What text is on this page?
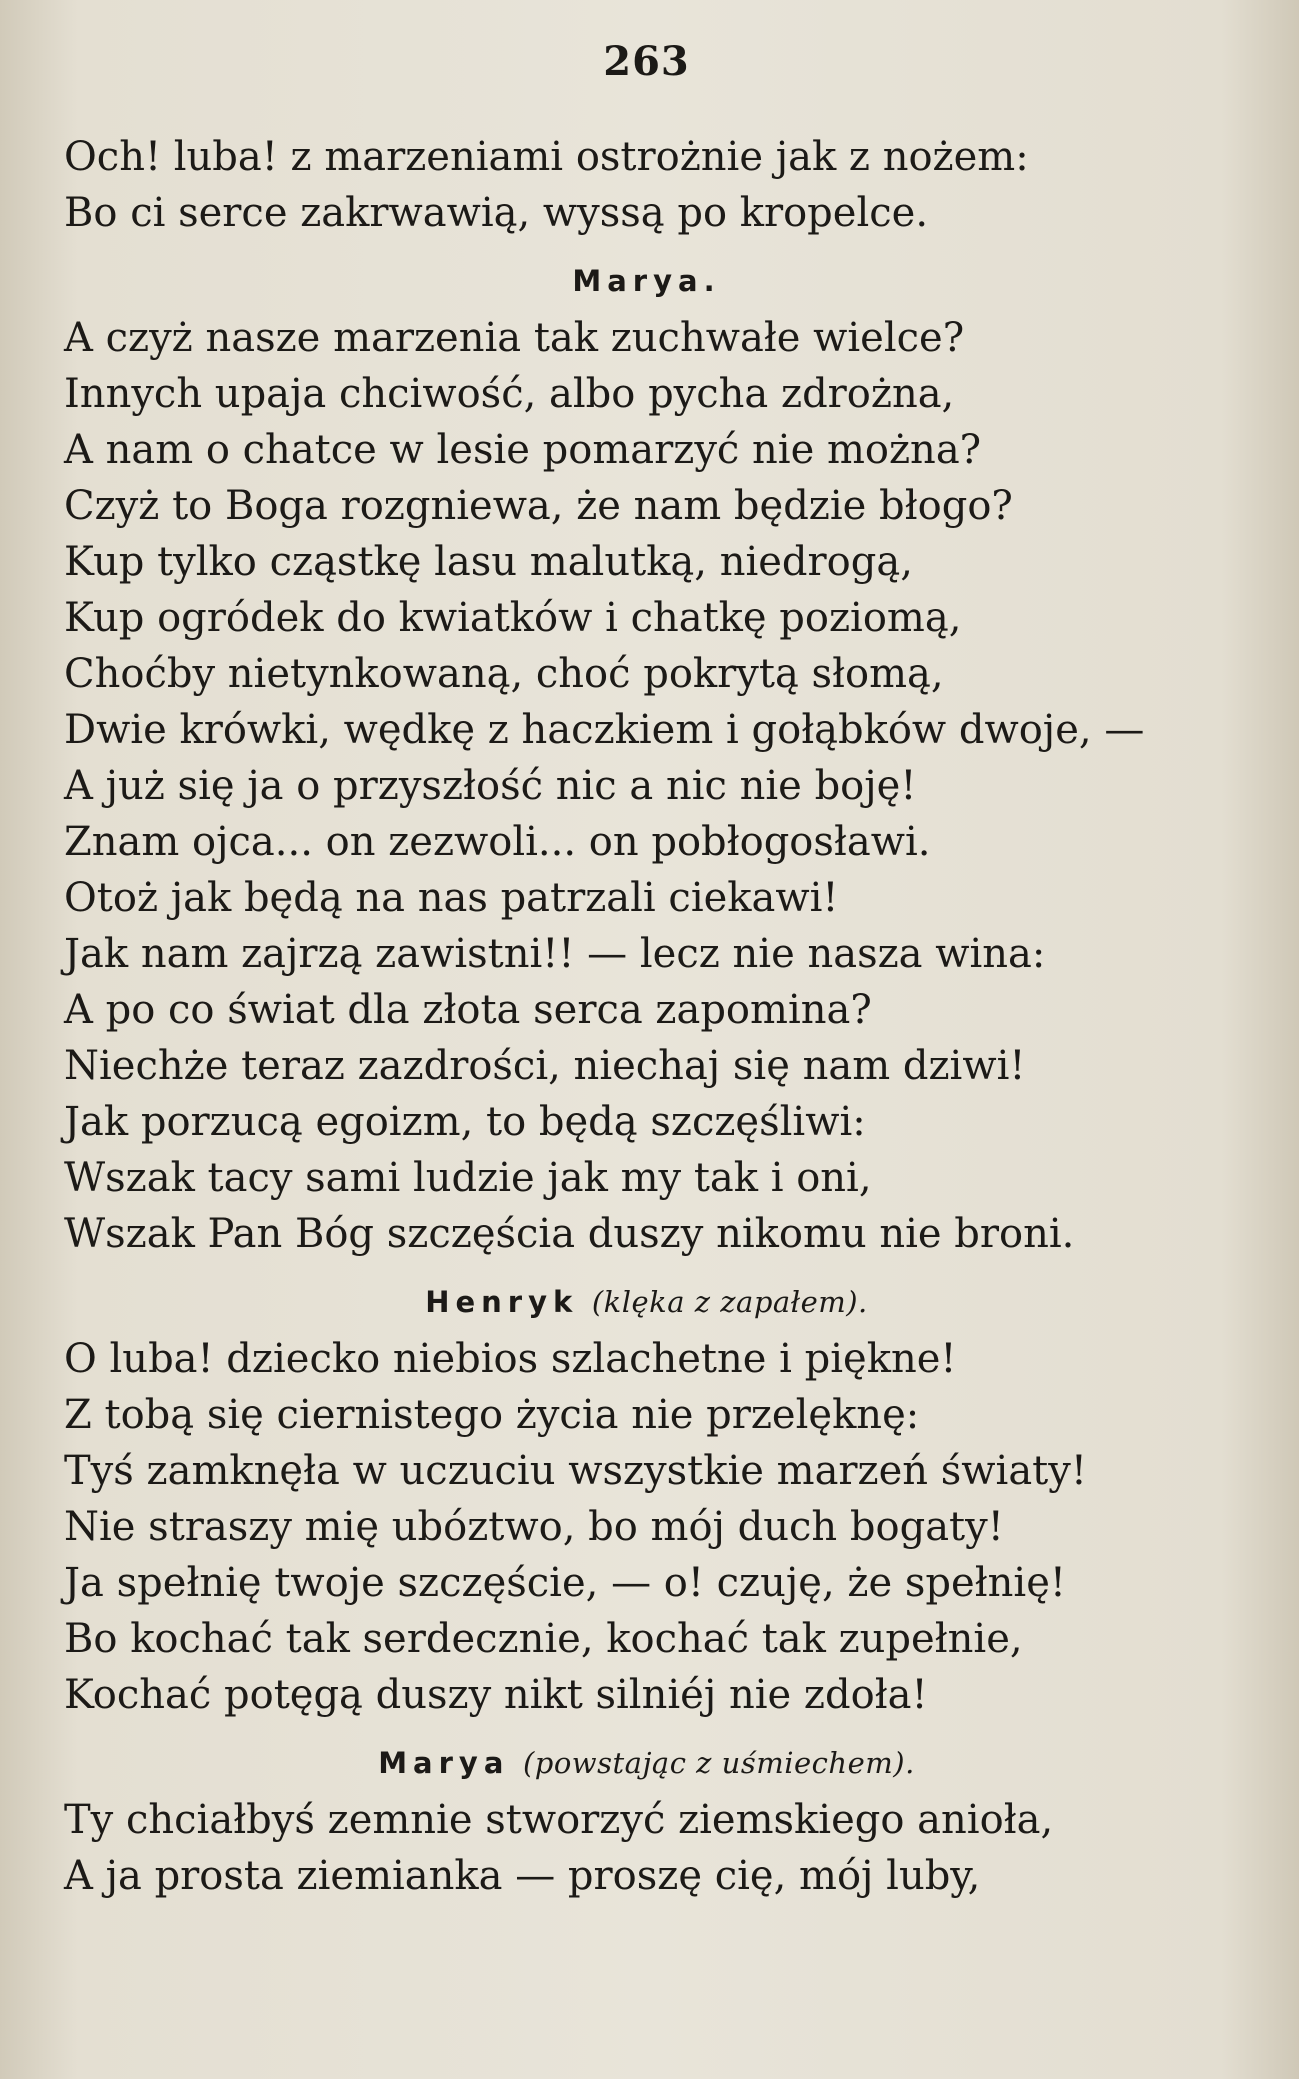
263

Och! luba! z marzeniami ostrożnie jak z nożem:

Bo ci serce zakrwawią, wyssą po kropelce.

Marya.

A czyż nasze marzenia tak zuchwałe wielce?

Innych upaja chciwość, albo pycha zdrożna,

A nam o chatce w lesie pomarzyć nie można?

Czyż to Boga rozgniewa, że nam będzie błogo?

Kup tylko cząstkę lasu malutką, niedrogą,

Kup ogródek do kwiatków i chatkę poziomą,

Choćby nietynkowaną, choć pokrytą słomą,

Dwie krówki, wędkę z haczkiem i gołąbków dwoje, —

A już się ja o przyszłość nic a nic nie boję!

Znam ojca... on zezwoli... on pobłogosławi.

Otoż jak będą na nas patrzali ciekawi!

Jak nam zajrzą zawistni!! — lecz nie nasza wina:

A po co świat dla złota serca zapomina?

Niechże teraz zazdrości, niechaj się nam dziwi!

Jak porzucą egoizm, to będą szczęśliwi:

Wszak tacy sami ludzie jak my tak i oni,

Wszak Pan Bóg szczęścia duszy nikomu nie broni.

Henryk (klęka z zapałem).

O luba! dziecko niebios szlachetne i piękne!

Z tobą się ciernistego życia nie przelęknę:

Tyś zamknęła w uczuciu wszystkie marzeń światy!

Nie straszy mię ubóztwo, bo mój duch bogaty!

Ja spełnię twoje szczęście, — o! czuję, że spełnię!

Bo kochać tak serdecznie, kochać tak zupełnie,

Kochać potęgą duszy nikt silniéj nie zdoła!

Marya (powstając z uśmiechem).

Ty chciałbyś zemnie stworzyć ziemskiego anioła,

A ja prosta ziemianka — proszę cię, mój luby,
